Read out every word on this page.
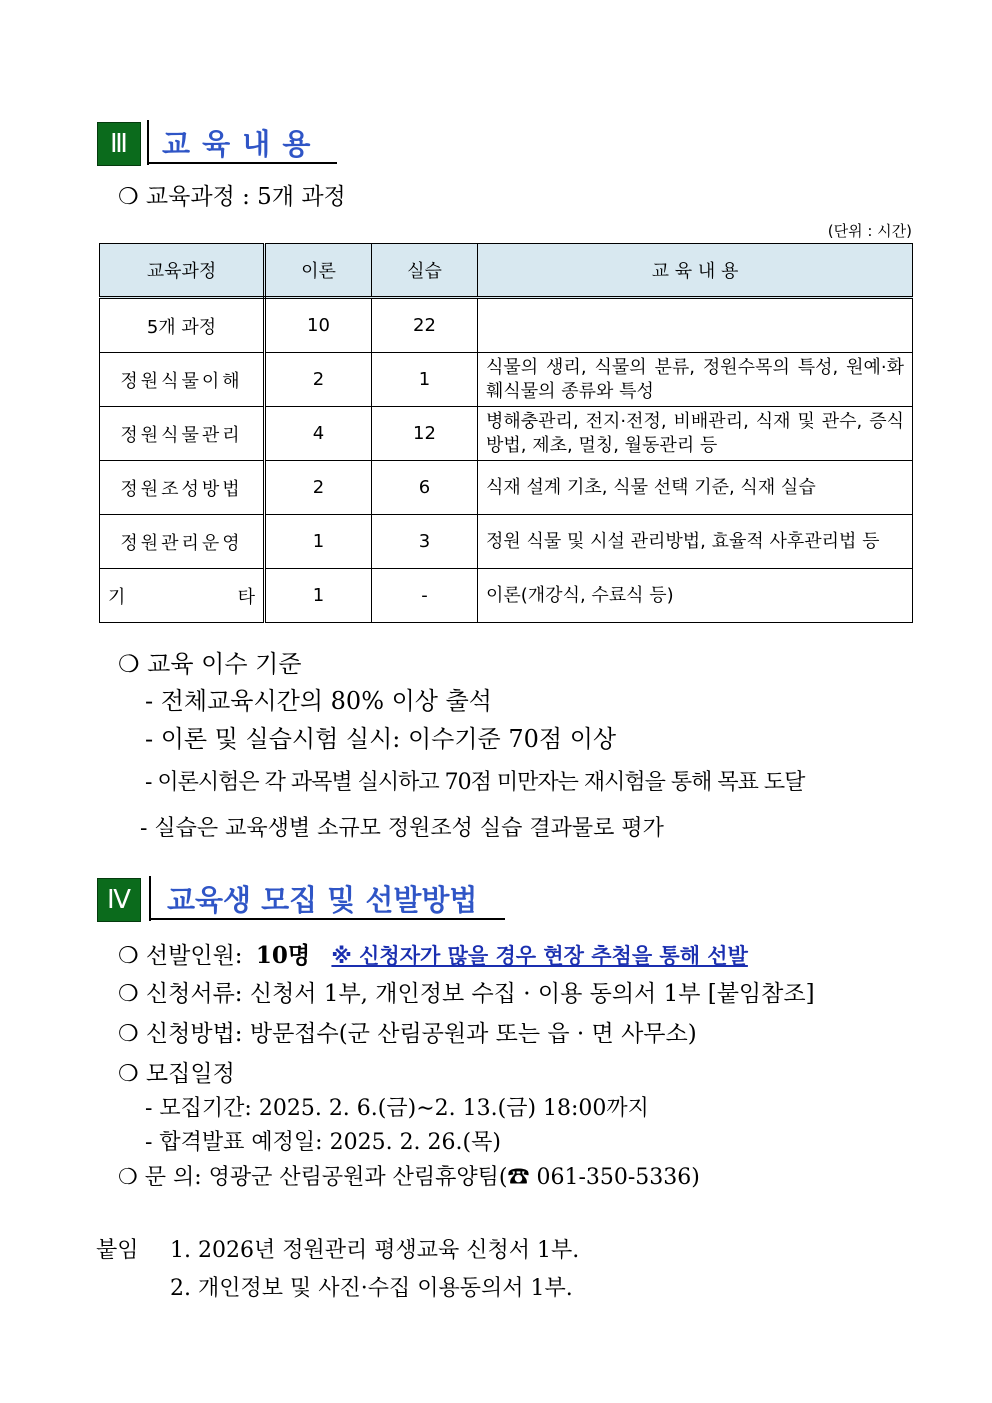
Ⅲ	교 육 내 용
❍ 교육과정 : 5개 과정
(단위 : 시간)
교육과정	이론	실습	교 육 내 용
5개 과정	10	22	
정원식물이해	2	1	식물의 생리, 식물의 분류, 정원수목의 특성, 원예·화훼식물의 종류와 특성
정원식물관리	4	12	병해충관리, 전지·전정, 비배관리, 식재 및 관수, 증식방법, 제초, 멀칭, 월동관리 등
정원조성방법	2	6	식재 설계 기초, 식물 선택 기준, 식재 실습
정원관리운영	1	3	정원 식물 및 시설 관리방법, 효율적 사후관리법 등

기 타	1	-	이론(개강식, 수료식 등)
❍ 교육 이수 기준
- 전체교육시간의 80% 이상 출석
- 이론 및 실습시험 실시: 이수기준 70점 이상
- 이론시험은 각 과목별 실시하고 70점 미만자는 재시험을 통해 목표 도달
- 실습은 교육생별 소규모 정원조성 실습 결과물로 평가
Ⅳ	교육생 모집 및 선발방법
❍ 선발인원: 10명 ※ 신청자가 많을 경우 현장 추첨을 통해 선발
❍ 신청서류: 신청서 1부, 개인정보 수집 · 이용 동의서 1부 [붙임참조]
❍ 신청방법: 방문접수(군 산림공원과 또는 읍 · 면 사무소)
❍ 모집일정
- 모집기간: 2025. 2. 6.(금)∼2. 13.(금) 18:00까지
- 합격발표 예정일: 2025. 2. 26.(목)
❍ 문 의: 영광군 산림공원과 산림휴양팀(☎ 061-350-5336)
붙임 1. 2026년 정원관리 평생교육 신청서 1부.
2. 개인정보 및 사진·수집 이용동의서 1부.
